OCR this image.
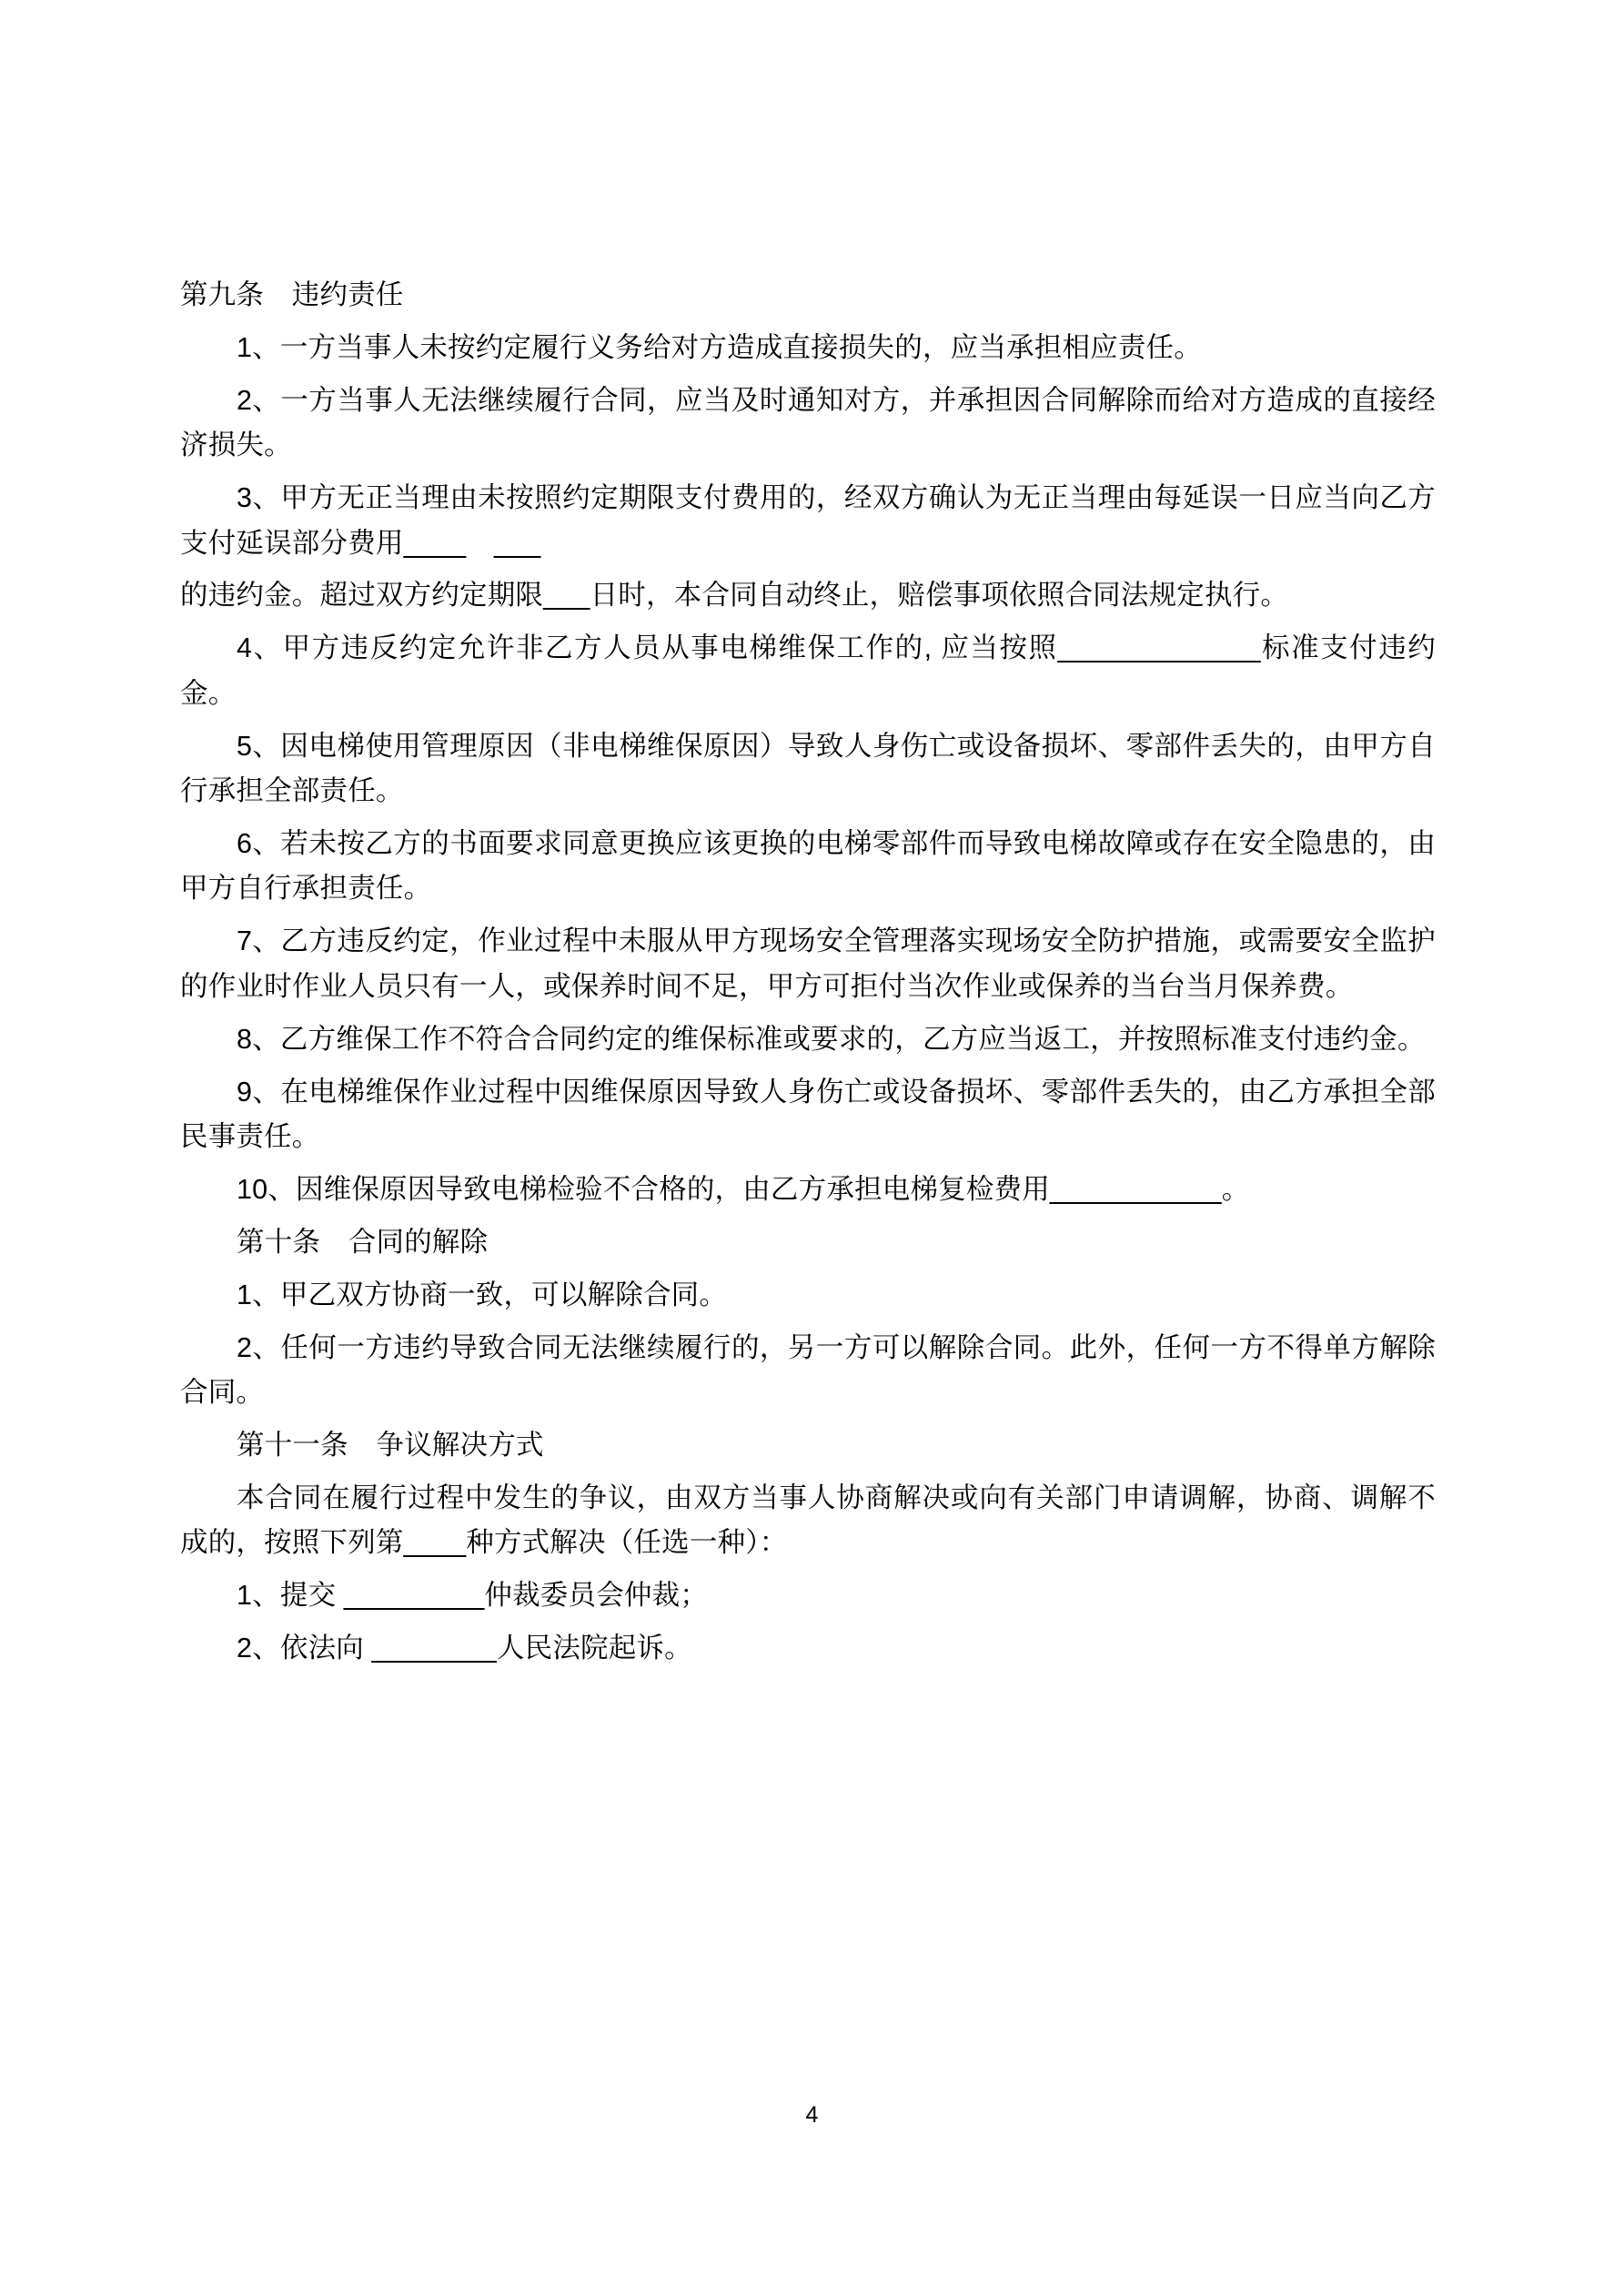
第九条　违约责任

1、一方当事人未按约定履行义务给对方造成直接损失的，应当承担相应责任。

2、一方当事人无法继续履行合同，应当及时通知对方，并承担因合同解除而给对方造成的直接经济损失。

3、甲方无正当理由未按照约定期限支付费用的，经双方确认为无正当理由每延误一日应当向乙方支付延误部分费用____　___

的违约金。超过双方约定期限___日时，本合同自动终止，赔偿事项依照合同法规定执行。

4、甲方违反约定允许非乙方人员从事电梯维保工作的, 应当按照_____________标准支付违约金。

5、因电梯使用管理原因（非电梯维保原因）导致人身伤亡或设备损坏、零部件丢失的，由甲方自行承担全部责任。

6、若未按乙方的书面要求同意更换应该更换的电梯零部件而导致电梯故障或存在安全隐患的，由甲方自行承担责任。

7、乙方违反约定，作业过程中未服从甲方现场安全管理落实现场安全防护措施，或需要安全监护的作业时作业人员只有一人，或保养时间不足，甲方可拒付当次作业或保养的当台当月保养费。

8、乙方维保工作不符合合同约定的维保标准或要求的，乙方应当返工，并按照标准支付违约金。

9、在电梯维保作业过程中因维保原因导致人身伤亡或设备损坏、零部件丢失的，由乙方承担全部民事责任。

10、因维保原因导致电梯检验不合格的，由乙方承担电梯复检费用___________。

第十条　合同的解除

1、甲乙双方协商一致，可以解除合同。

2、任何一方违约导致合同无法继续履行的，另一方可以解除合同。此外，任何一方不得单方解除合同。

第十一条　争议解决方式

本合同在履行过程中发生的争议，由双方当事人协商解决或向有关部门申请调解，协商、调解不成的，按照下列第____种方式解决（任选一种）：

1、提交 _________仲裁委员会仲裁；

2、依法向 ________人民法院起诉。

4
